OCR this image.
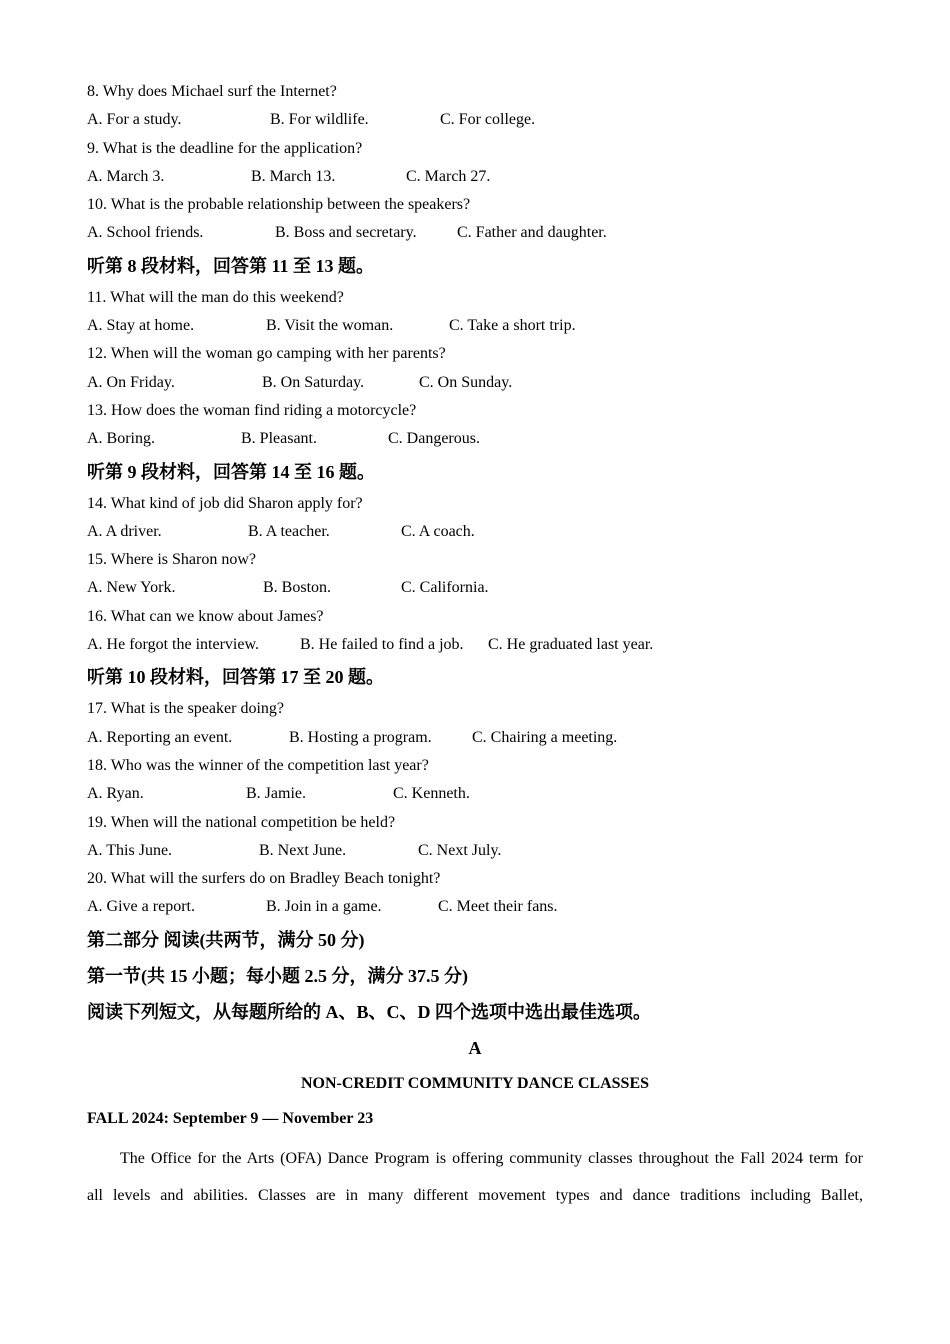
8. Why does Michael surf the Internet?
A. For a study.	B. For wildlife.	C. For college.
9. What is the deadline for the application?
A. March 3.	B. March 13.	C. March 27.
10. What is the probable relationship between the speakers?
A. School friends.	B. Boss and secretary.	C. Father and daughter.
听第 8 段材料，回答第 11 至 13 题。
11. What will the man do this weekend?
A. Stay at home.	B. Visit the woman.	C. Take a short trip.
12. When will the woman go camping with her parents?
A. On Friday.	B. On Saturday.	C. On Sunday.
13. How does the woman find riding a motorcycle?
A. Boring.	B. Pleasant.	C. Dangerous.
听第 9 段材料，回答第 14 至 16 题。
14. What kind of job did Sharon apply for?
A. A driver.	B. A teacher.	C. A coach.
15. Where is Sharon now?
A. New York.	B. Boston.	C. California.
16. What can we know about James?
A. He forgot the interview.	B. He failed to find a job.	C. He graduated last year.
听第 10 段材料，回答第 17 至 20 题。
17. What is the speaker doing?
A. Reporting an event.	B. Hosting a program.	C. Chairing a meeting.
18. Who was the winner of the competition last year?
A. Ryan.	B. Jamie.	C. Kenneth.
19. When will the national competition be held?
A. This June.	B. Next June.	C. Next July.
20. What will the surfers do on Bradley Beach tonight?
A. Give a report.	B. Join in a game.	C. Meet their fans.
第二部分 阅读(共两节，满分 50 分)
第一节(共 15 小题；每小题 2.5 分，满分 37.5 分)
阅读下列短文，从每题所给的 A、B、C、D 四个选项中选出最佳选项。
A
NON-CREDIT COMMUNITY DANCE CLASSES
FALL 2024: September 9 — November 23
The Office for the Arts (OFA) Dance Program is offering community classes throughout the Fall 2024 term for
all levels and abilities. Classes are in many different movement types and dance traditions including Ballet,
